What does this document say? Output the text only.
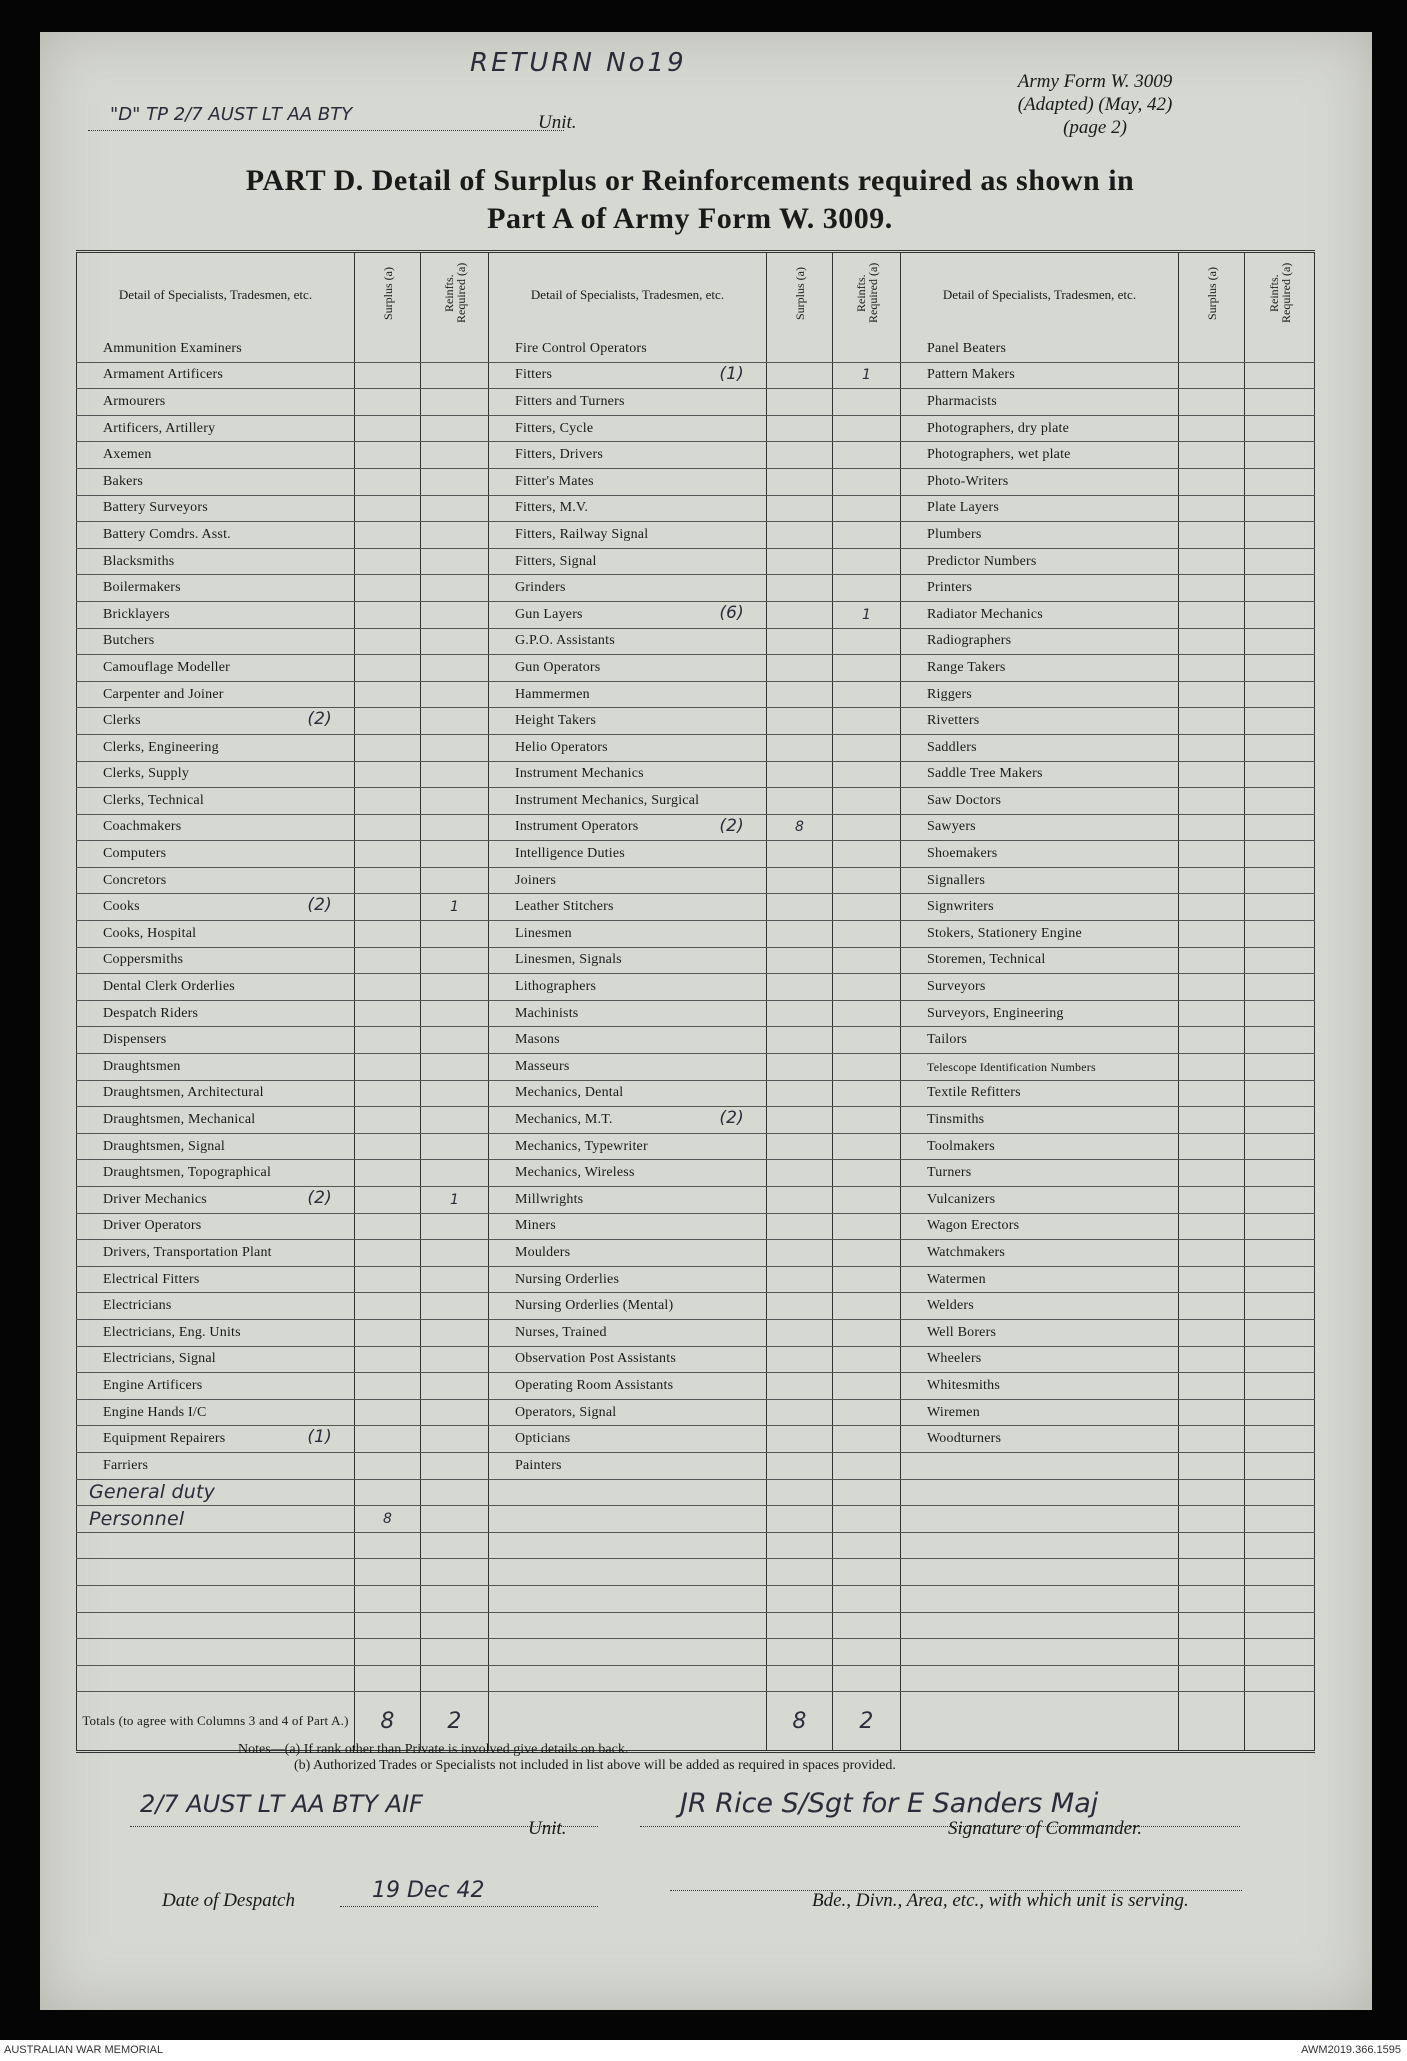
RETURN No19
"D" TP 2/7 AUST LT AA BTY	Unit.
Army Form W. 3009
(Adapted) (May, 42)
(page 2)
PART D. Detail of Surplus or Reinforcements required as shown in
Part A of Army Form W. 3009.
Detail of Specialists, Tradesmen, etc.	Surplus (a)	Reinfts. Required (a)	Detail of Specialists, Tradesmen, etc.	Surplus (a)	Reinfts. Required (a)	Detail of Specialists, Tradesmen, etc.	Surplus (a)	Reinfts. Required (a)
Ammunition Examiners			Fire Control Operators			Panel Beaters

Armament Artificers			Fitters (1)		1	Pattern Makers

Armourers			Fitters and Turners			Pharmacists

Artificers, Artillery			Fitters, Cycle			Photographers, dry plate

Axemen			Fitters, Drivers			Photographers, wet plate

Bakers			Fitter's Mates			Photo-Writers

Battery Surveyors			Fitters, M.V.			Plate Layers

Battery Comdrs. Asst.			Fitters, Railway Signal			Plumbers

Blacksmiths			Fitters, Signal			Predictor Numbers

Boilermakers			Grinders			Printers

Bricklayers			Gun Layers (6)		1	Radiator Mechanics

Butchers			G.P.O. Assistants			Radiographers

Camouflage Modeller			Gun Operators			Range Takers

Carpenter and Joiner			Hammermen			Riggers

Clerks (2)			Height Takers			Rivetters

Clerks, Engineering			Helio Operators			Saddlers

Clerks, Supply			Instrument Mechanics			Saddle Tree Makers

Clerks, Technical			Instrument Mechanics, Surgical			Saw Doctors

Coachmakers			Instrument Operators (2)	8		Sawyers

Computers			Intelligence Duties			Shoemakers

Concretors			Joiners			Signallers

Cooks (2)		1	Leather Stitchers			Signwriters

Cooks, Hospital			Linesmen			Stokers, Stationery Engine

Coppersmiths			Linesmen, Signals			Storemen, Technical

Dental Clerk Orderlies			Lithographers			Surveyors

Despatch Riders			Machinists			Surveyors, Engineering

Dispensers			Masons			Tailors

Draughtsmen			Masseurs			Telescope Identification Numbers

Draughtsmen, Architectural			Mechanics, Dental			Textile Refitters

Draughtsmen, Mechanical			Mechanics, M.T. (2)			Tinsmiths

Draughtsmen, Signal			Mechanics, Typewriter			Toolmakers

Draughtsmen, Topographical			Mechanics, Wireless			Turners

Driver Mechanics (2)		1	Millwrights			Vulcanizers

Driver Operators			Miners			Wagon Erectors

Drivers, Transportation Plant			Moulders			Watchmakers

Electrical Fitters			Nursing Orderlies			Watermen

Electricians			Nursing Orderlies (Mental)			Welders

Electricians, Eng. Units			Nurses, Trained			Well Borers

Electricians, Signal			Observation Post Assistants			Wheelers

Engine Artificers			Operating Room Assistants			Whitesmiths

Engine Hands I/C			Operators, Signal			Wiremen

Equipment Repairers (1)			Opticians			Woodturners

Farriers			Painters

General duty

Personnel	8		

Totals (to agree with Columns 3 and 4 of Part A.)	8	2		8	2			
Notes—(a) If rank other than Private is involved give details on back.
(b) Authorized Trades or Specialists not included in list above will be added as required in spaces provided.
2/7 AUST LT AA BTY AIF
Unit.
JR Rice S/Sgt for E Sanders Maj
Signature of Commander.
Date of Despatch	19 Dec 42	Bde., Divn., Area, etc., with which unit is serving.
AUSTRALIAN WAR MEMORIAL	AWM2019.366.1595
